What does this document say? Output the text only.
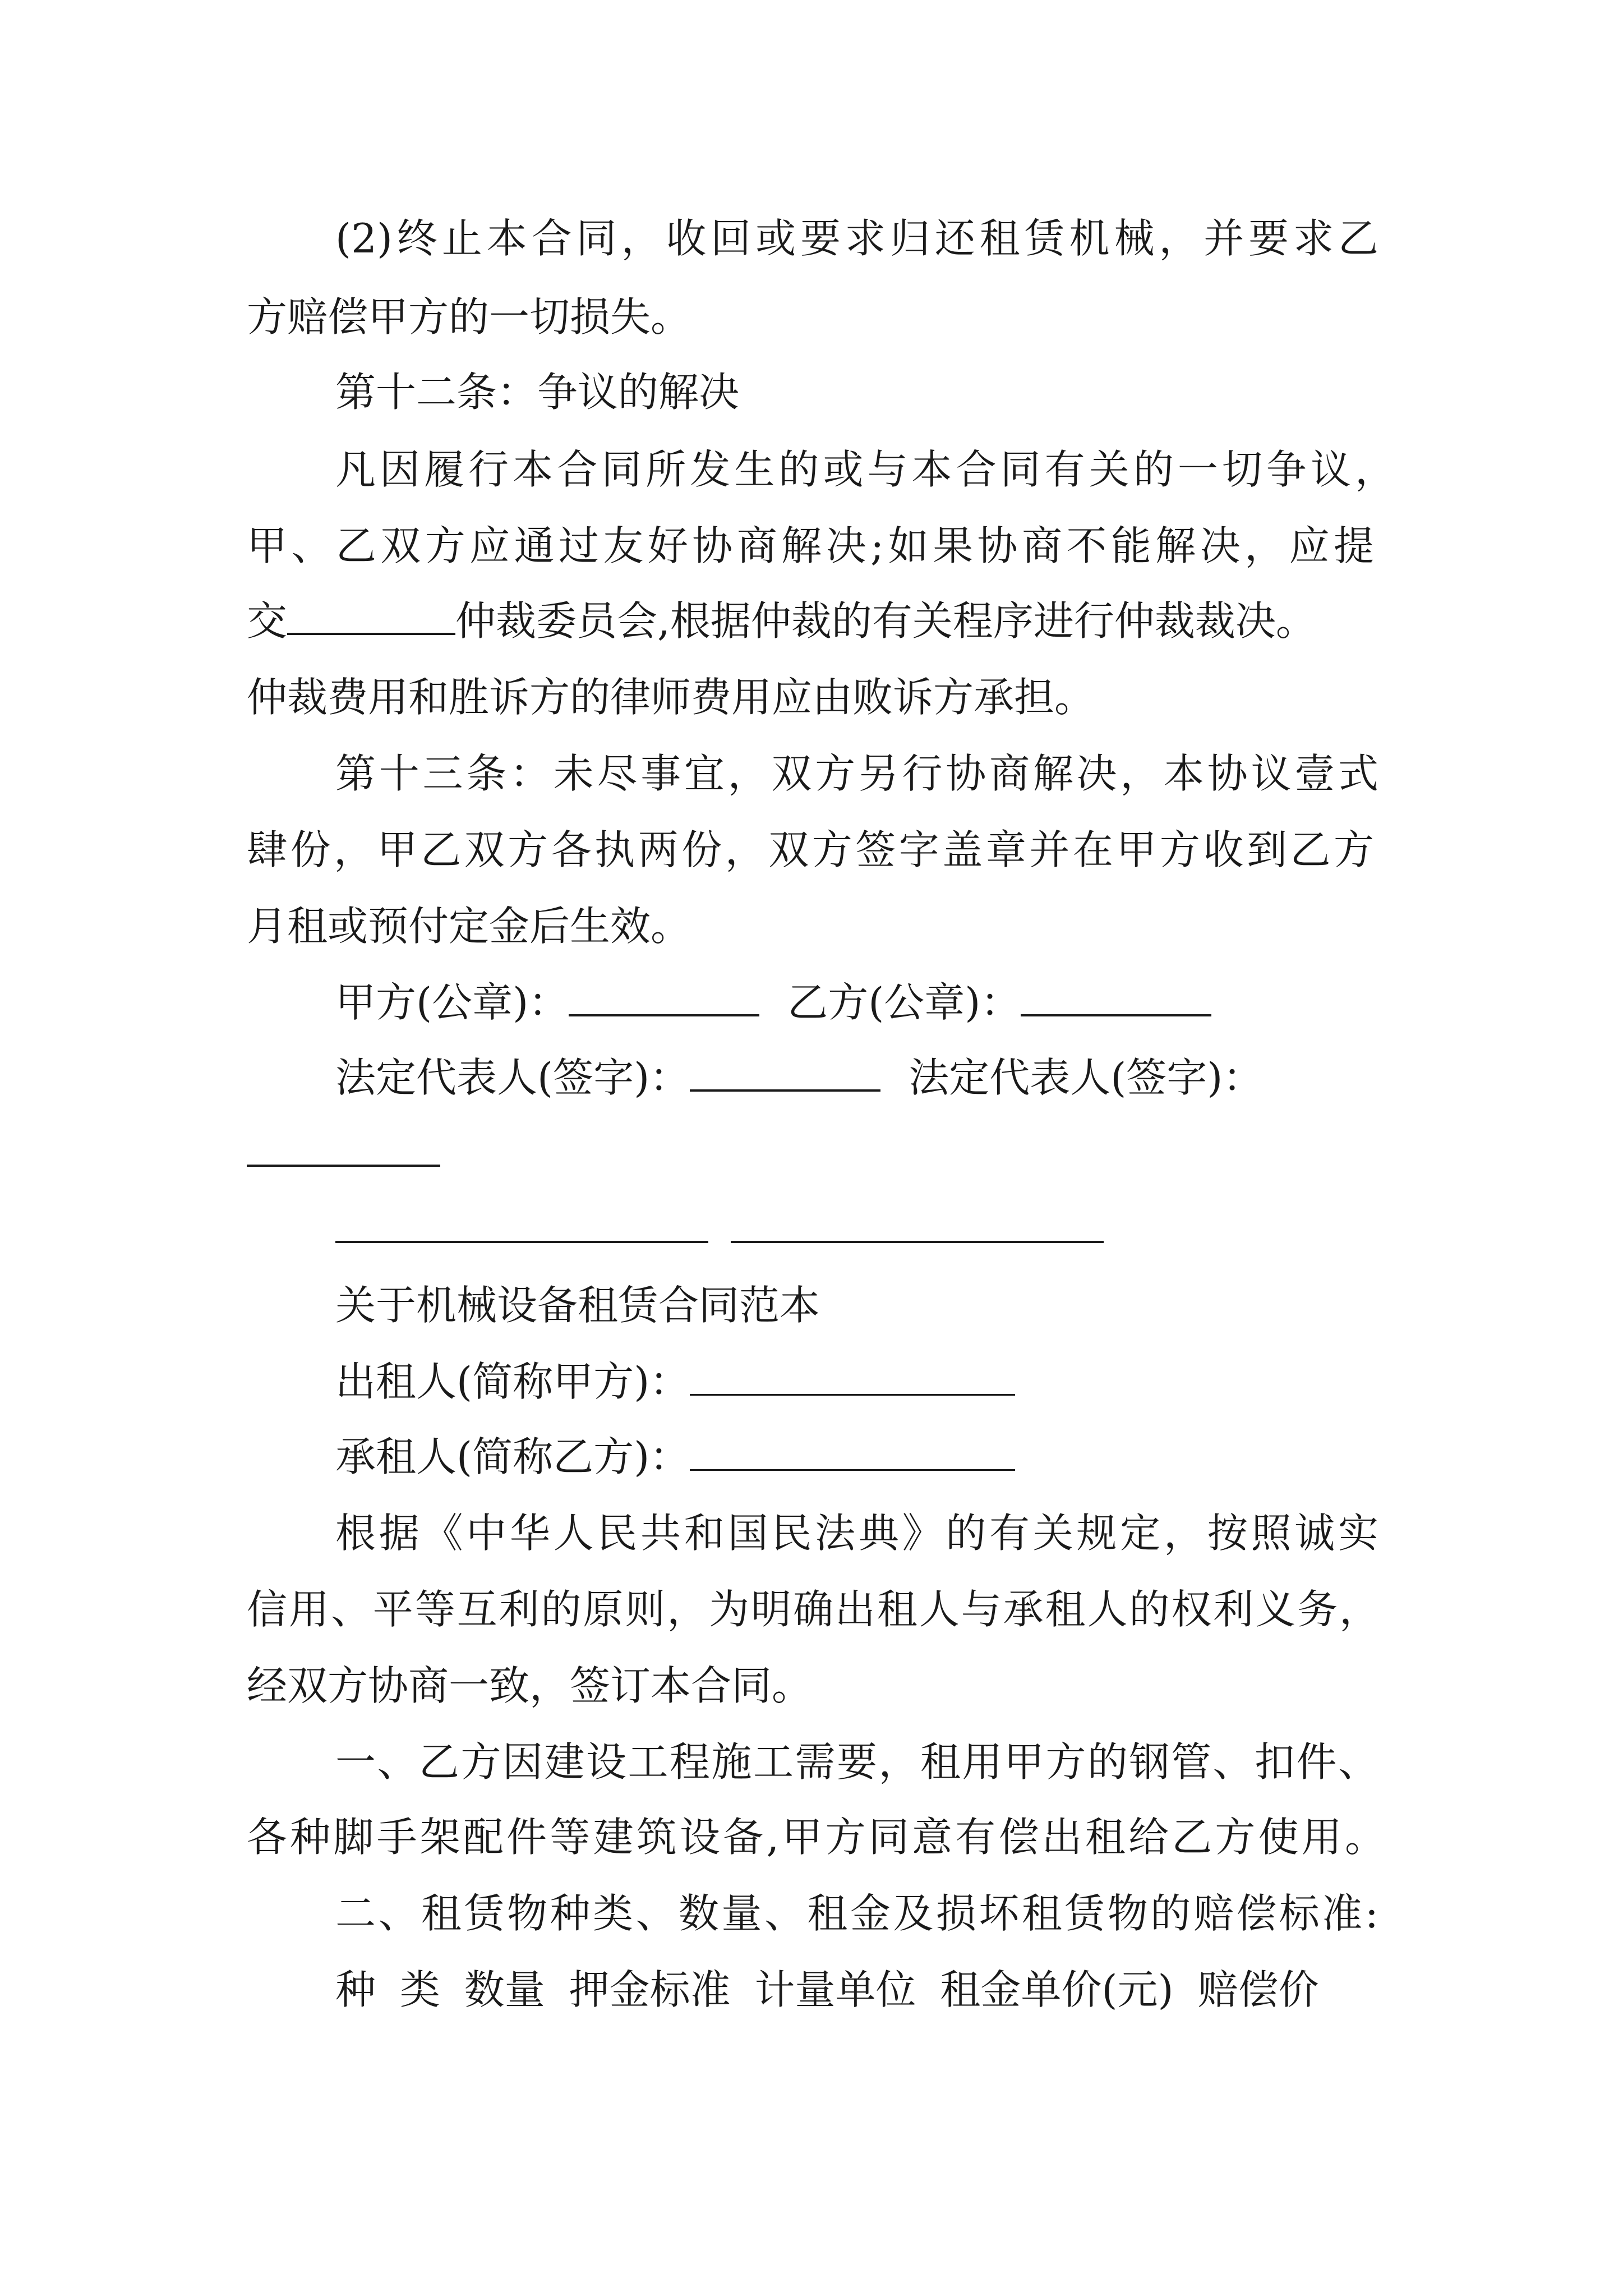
(2)终止本合同，收回或要求归还租赁机械，并要求乙
方赔偿甲方的一切损失。
第十二条：争议的解决
凡因履行本合同所发生的或与本合同有关的一切争议，
甲、乙双方应通过友好协商解决;如果协商不能解决，应提
交	仲裁委员会,根据仲裁的有关程序进行仲裁裁决。
仲裁费用和胜诉方的律师费用应由败诉方承担。
第十三条：未尽事宜，双方另行协商解决，本协议壹式
肆份，甲乙双方各执两份，双方签字盖章并在甲方收到乙方
月租或预付定金后生效。
甲方(公章)：	乙方(公章)：
法定代表人(签字)：	法定代表人(签字)：
关于机械设备租赁合同范本
出租人(简称甲方)：
承租人(简称乙方)：
根据《中华人民共和国民法典》的有关规定，按照诚实
信用、平等互利的原则，为明确出租人与承租人的权利义务，
经双方协商一致，签订本合同。
一、乙方因建设工程施工需要，租用甲方的钢管、扣件、
各种脚手架配件等建筑设备,甲方同意有偿出租给乙方使用。
二、租赁物种类、数量、租金及损坏租赁物的赔偿标准:
种 类 数量 押金标准 计量单位 租金单价(元) 赔偿价
